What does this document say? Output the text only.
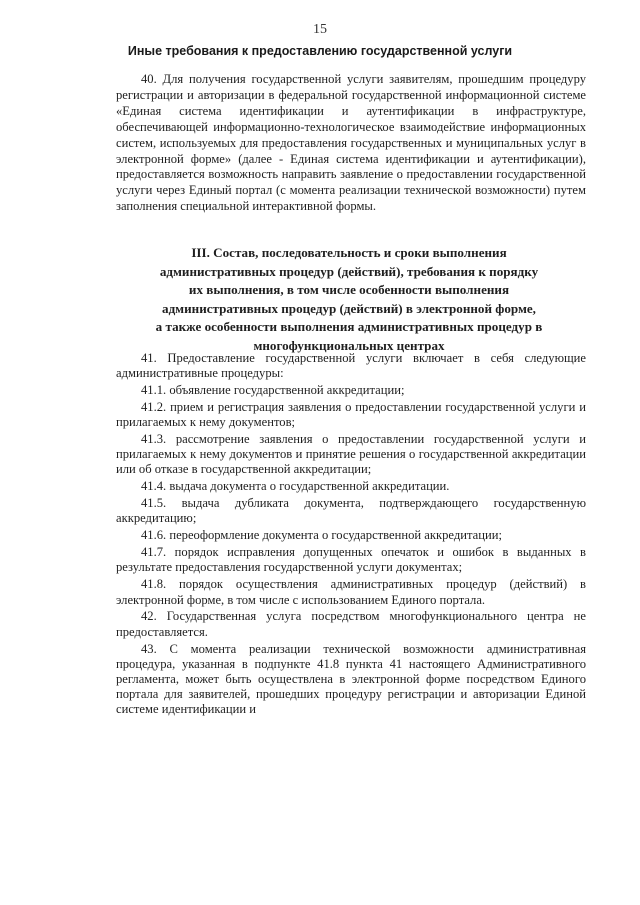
15
Иные требования к предоставлению государственной услуги

40. Для получения государственной услуги заявителям, прошедшим процедуру регистрации и авторизации в федеральной государственной информационной системе «Единая система идентификации и аутентификации в инфраструктуре, обеспечивающей информационно-технологическое взаимодействие информационных систем, используемых для предоставления государственных и муниципальных услуг в электронной форме» (далее - Единая система идентификации и аутентификации), предоставляется возможность направить заявление о предоставлении государственной услуги через Единый портал (с момента реализации технической возможности) путем заполнения специальной интерактивной формы.

III. Состав, последовательность и сроки выполнения
административных процедур (действий), требования к порядку
их выполнения, в том числе особенности выполнения
административных процедур (действий) в электронной форме,
а также особенности выполнения административных процедур в
многофункциональных центрах

41. Предоставление государственной услуги включает в себя следующие административные процедуры:

41.1. объявление государственной аккредитации;

41.2. прием и регистрация заявления о предоставлении государственной услуги и прилагаемых к нему документов;

41.3. рассмотрение заявления о предоставлении государственной услуги и прилагаемых к нему документов и принятие решения о государственной аккредитации или об отказе в государственной аккредитации;

41.4. выдача документа о государственной аккредитации.

41.5. выдача дубликата документа, подтверждающего государственную аккредитацию;

41.6. переоформление документа о государственной аккредитации;

41.7. порядок исправления допущенных опечаток и ошибок в выданных в результате предоставления государственной услуги документах;

41.8. порядок осуществления административных процедур (действий) в электронной форме, в том числе с использованием Единого портала.

42. Государственная услуга посредством многофункционального центра не предоставляется.

43. С момента реализации технической возможности административная процедура, указанная в подпункте 41.8 пункта 41 настоящего Административного регламента, может быть осуществлена в электронной форме посредством Единого портала для заявителей, прошедших процедуру регистрации и авторизации Единой системе идентификации и
